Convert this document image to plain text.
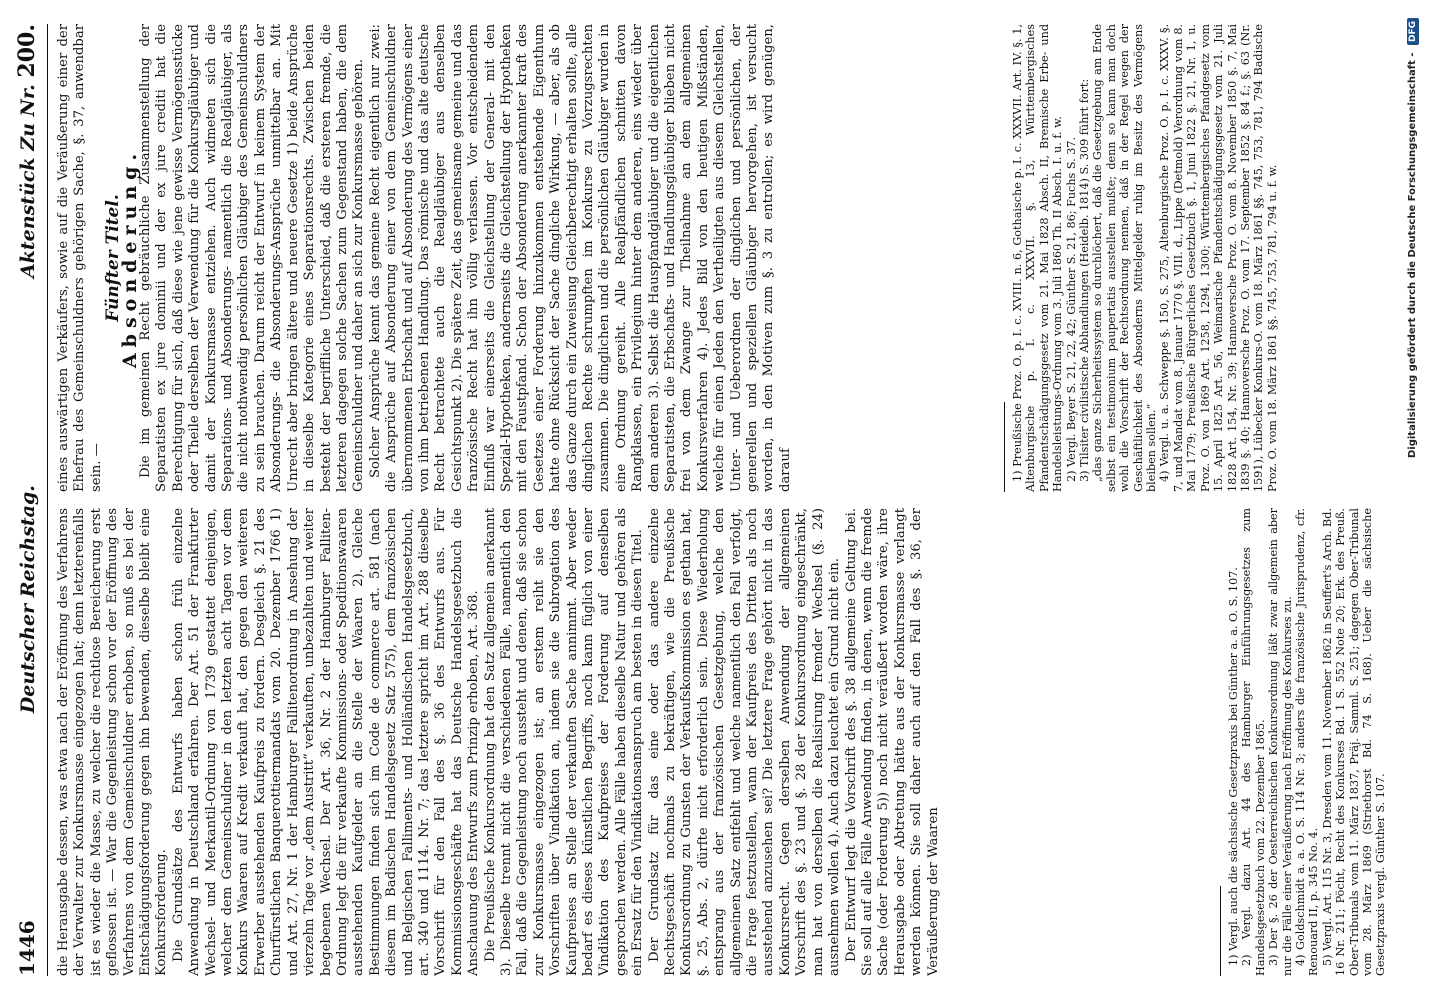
1446
Deutscher Reichstag.
Aktenstück Zu Nr. 200.

die Herausgabe dessen, was etwa nach der Eröffnung des Verfahrens der Verwalter zur Konkursmasse eingezogen hat; denn letzterenfalls ist es wieder die Masse, zu welcher die rechtlose Bereicherung erst geflossen ist. — War die Gegenleistung schon vor der Eröffnung des Verfahrens von dem Gemeinschuldner erhoben, so muß es bei der Entschädigungsforderung gegen ihn bewenden, dieselbe bleibt eine Konkursforderung. Die Grundsätze des Entwurfs haben schon früh einzelne Anwendung in Deutschland erfahren. Der Art. 51 der Frankfurter Wechsel- und Merkantil-Ordnung von 1739 gestattet denjenigen, welcher dem Gemeinschuldner in den letzten acht Tagen vor dem Konkurs Waaren auf Kredit verkauft hat, den gegen den weiteren Erwerber ausstehenden Kaufpreis zu fordern. Desgleich §. 21 des Churfürstlichen Banquerottiermandats vom 20. Dezember 1766 1) und Art. 27, Nr. 1 der Hamburger Fallitenordnung in Ansehung der vierzehn Tage vor „dem Austritt“ verkauften, unbezahlten und weiter begebenen Wechsel. Der Art. 36, Nr. 2 der Hamburger Falliten-Ordnung legt die für verkaufte Kommissions- oder Speditionswaaren ausstehenden Kaufgelder an die Stelle der Waaren 2). Gleiche Bestimmungen finden sich im Code de commerce art. 581 (nach diesem im Badischen Handelsgesetz Satz 575), dem französischen und Belgischen Falliments- und Holländischen Handelsgesetzbuch, art. 340 und 1114. Nr. 7; das letztere spricht im Art. 288 dieselbe Vorschrift für den Fall des §. 36 des Entwurfs aus. Für Kommissionsgeschäfte hat das Deutsche Handelsgesetzbuch die Anschauung des Entwurfs zum Prinzip erhoben, Art. 368. Die Preußische Konkursordnung hat den Satz allgemein anerkannt 3). Dieselbe trennt nicht die verschiedenen Fälle, namentlich den Fall, daß die Gegenleistung noch aussteht und denen, daß sie schon zur Konkursmasse eingezogen ist; an erstem reiht sie den Vorschriften über Vindikation an, indem sie die Subrogation des Kaufpreises an Stelle der verkauften Sache annimmt. Aber weder bedarf es dieses künstlichen Begriffs, noch kann füglich von einer Vindikation des Kaufpreises der Forderung auf denselben gesprochen werden. Alle Fälle haben dieselbe Natur und gehören als ein Ersatz für den Vindikationsanspruch am besten in diesen Titel. Der Grundsatz für das eine oder das andere einzelne Rechtsgeschäft nochmals zu bekräftigen, wie die Preußische Konkursordnung zu Gunsten der Verkaufskommission es gethan hat, §. 25, Abs. 2, dürfte nicht erforderlich sein. Diese Wiederholung entsprang aus der französischen Gesetzgebung, welche den allgemeinen Satz entfehlt und welche namentlich den Fall verfolgt, die Frage festzustellen, wann der Kaufpreis des Dritten als noch ausstehend anzusehen sei? Die letztere Frage gehört nicht in das Konkursrecht. Gegen derselben Anwendung der allgemeinen Vorschrift des §. 23 und §. 28 der Konkursordnung eingeschränkt, man hat von derselben die Realisirung fremder Wechsel (§. 24) ausnehmen wollen 4). Auch dazu leuchtet ein Grund nicht ein. Der Entwurf legt die Vorschrift des §. 38 allgemeine Geltung bei. Sie soll auf alle Fälle Anwendung finden, in denen, wenn die fremde Sache (oder Forderung 5)) noch nicht veräußert worden wäre, ihre Herausgabe oder Abtretung hätte aus der Konkursmasse verlangt werden können. Sie soll daher auch auf den Fall des §. 36, der Veräußerung der Waaren	1) Vergl. auch die sächsische Gesetzpraxis bei Günther a. a. O. S. 107. 2) Vergl. dazu Art. 44 des Hamburger Einführungsgesetzes zum Handelsgesetzbuch vom 22. Dezember 1865. 3) Der §. 26 der Oesterreichischen Konkursordnung läßt zwar allgemein aber nur die Fälle einer Veräußerung nach Eröffnung des Konkurses zu. 4) Goldschmidt a. a. O. S. 114 Nr. 3; anders die französische Jurisprudenz, cfr. Renouard II, p. 345 No. 4. 5) Vergl. Art. 115 Nr. 3, Dresden vom 11. November 1862 in Seuffert's Arch. Bd. 16 Nr. 211; Pöcht, Recht des Konkurses Bd. 1 S. 552 Note 20; Erk. des Preuß. Ober-Tribunals vom 11. März 1837, Präj. Samml. S. 251; dagegen Ober-Tribunal vom 28. März 1869 (Striethorst Bd. 74 S. 168). Ueber die sächsische Gesetzpraxis vergl. Günther S. 107.

eines auswärtigen Verkäufers, sowie auf die Veräußerung einer der Ehefrau des Gemeinschuldners gehörigen Sache, §. 37, anwendbar sein. —

Fünfter Titel.

Absonderung.

Die im gemeinen Recht gebräuchliche Zusammenstellung der Separatisten ex jure dominii und der ex jure crediti hat die Berechtigung für sich, daß diese wie jene gewisse Vermögensstücke oder Theile derselben der Verwendung für die Konkursgläubiger und damit der Konkursmasse entziehen. Auch widmeten sich die Separations- und Absonderungs- namentlich die Realgläubiger, als die nicht nothwendig persönlichen Gläubiger des Gemeinschuldners zu sein brauchen. Darum reicht der Entwurf in keinem System der Absonderungs- die Absonderungs-Ansprüche unmittelbar an. Mit Unrecht aber bringen ältere und neuere Gesetze 1) beide Ansprüche in dieselbe Kategorie eines Separationsrechts. Zwischen beiden besteht der begriffliche Unterschied, daß die ersteren fremde, die letzteren dagegen solche Sachen zum Gegenstand haben, die dem Gemeinschuldner und daher an sich zur Konkursmasse gehören. Solcher Ansprüche kennt das gemeine Recht eigentlich nur zwei: die Ansprüche auf Absonderung einer von dem Gemeinschuldner übernommenen Erbschaft und auf Absonderung des Vermögens einer von ihm betriebenen Handlung. Das römische und das alte deutsche Recht betrachtete auch die Realgläubiger aus denselben Gesichtspunkt 2). Die spätere Zeit, das gemeinsame gemeine und das französische Recht hat ihn völlig verlassen. Vor entscheidendem Einfluß war einerseits die Gleichstellung der General- mit den Spezial-Hypotheken, andernseits die Gleichstellung der Hypotheken mit den Faustpfand. Schon der Absonderung anerkannter kraft des Gesetzes einer Forderung hinzukommen entstehende Eigenthum hatte ohne Rücksicht der Sache dingliche Wirkung, — aber, als ob das Ganze durch ein Zuweisung Gleichberechtigt erhalten sollte, alle dinglichen Rechte schrumpften im Konkurse zu Vorzugsrechten zusammen. Die dinglichen und die persönlichen Gläubiger wurden in eine Ordnung gereiht. Alle Realpfändlichen schnitten davon Rangklassen, ein Privilegium hinter dem anderen, eins wieder über dem anderen 3). Selbst die Hauspfandgläubiger und die eigentlichen Separatisten, die Erbschafts- und Handlungsgläubiger blieben nicht frei von dem Zwange zur Theilnahme an dem allgemeinen Konkursverfahren 4). Jedes Bild von den heutigen Mißständen, welche für einen Jeden den Vertheiligten aus diesem Gleichstellen, Unter- und Ueberordnen der dinglichen und persönlichen, der generellen und speziellen Gläubiger hervorgehen, ist versucht worden, in den Motiven zum §. 3 zu entrollen; es wird genügen, darauf	1) Preußische Proz. O. p. I. c. XVIII. n. 6, Gothaische p. I. c. XXXVII. Art. IV. §. 1, Altenburgische p. I. c. XXXVII. §. 13, Württembergisches Pfandentschädigungsgesetz vom 21. Mai 1828 Absch. II, Bremische Erbe- und Handelsleistungs-Ordnung vom 3. Juli 1860 Th. II Absch. I. u. f. w. 2) Vergl. Beyer S. 21, 22, 42; Günther S. 21, 86; Fuchs S. 37. 3) Tilsiter civilistische Abhandlungen (Heidelb. 1814) S. 309 führt fort: „das ganze Sicherheitssystem so durchlöchert, daß die Gesetzgebung am Ende selbst ein testimonium paupertatis ausstellen mußte; denn so kann man doch wohl die Vorschrift der Rechtsordnung nennen, daß in der Regel wegen der Geschäftlichkeit des Absonderns Mittelgelder ruhig im Besitz des Vermögens bleiben sollen.“ 4) Vergl. u. a. Schweppe §. 150, S. 275, Altenburgische Proz. O. p. I. c. XXXV. §. 7, und Mandat vom 8. Januar 1770 §. VIII. d., Lippe (Detmold) Verordnung vom 8. Mai 1779; Preußische Bürgerliches Gesetzbuch §. 1, Juni 1822 §. 21, Nr. 1, u. Proz. O. von 1869 Art. 1258, 1294, 1300; Württembergisches Pfandgesetz vom 15. April 1825 Art. 56, Weimarische Pfandentschädigungsgesetz vom 21. Juli 1828 Art. 154, Nr. 39; Hannoversche Proz. O. vom 8. November 1850 §. 7, Mai 1839 §. 40; Hannoversche Proz. O. vom 17. September 1852 §. 84 f.; §. 63 (Nr. 1591), Lübecker Konkurs-O. vom 18. März 1861 §§. 745, 753, 781, 794 Badische Proz. O. vom 18. März 1861 §§. 745, 753, 781, 794 u. f. w.	Digitalisierung gefördert durch die Deutsche Forschungsgemeinschaft - DFG
